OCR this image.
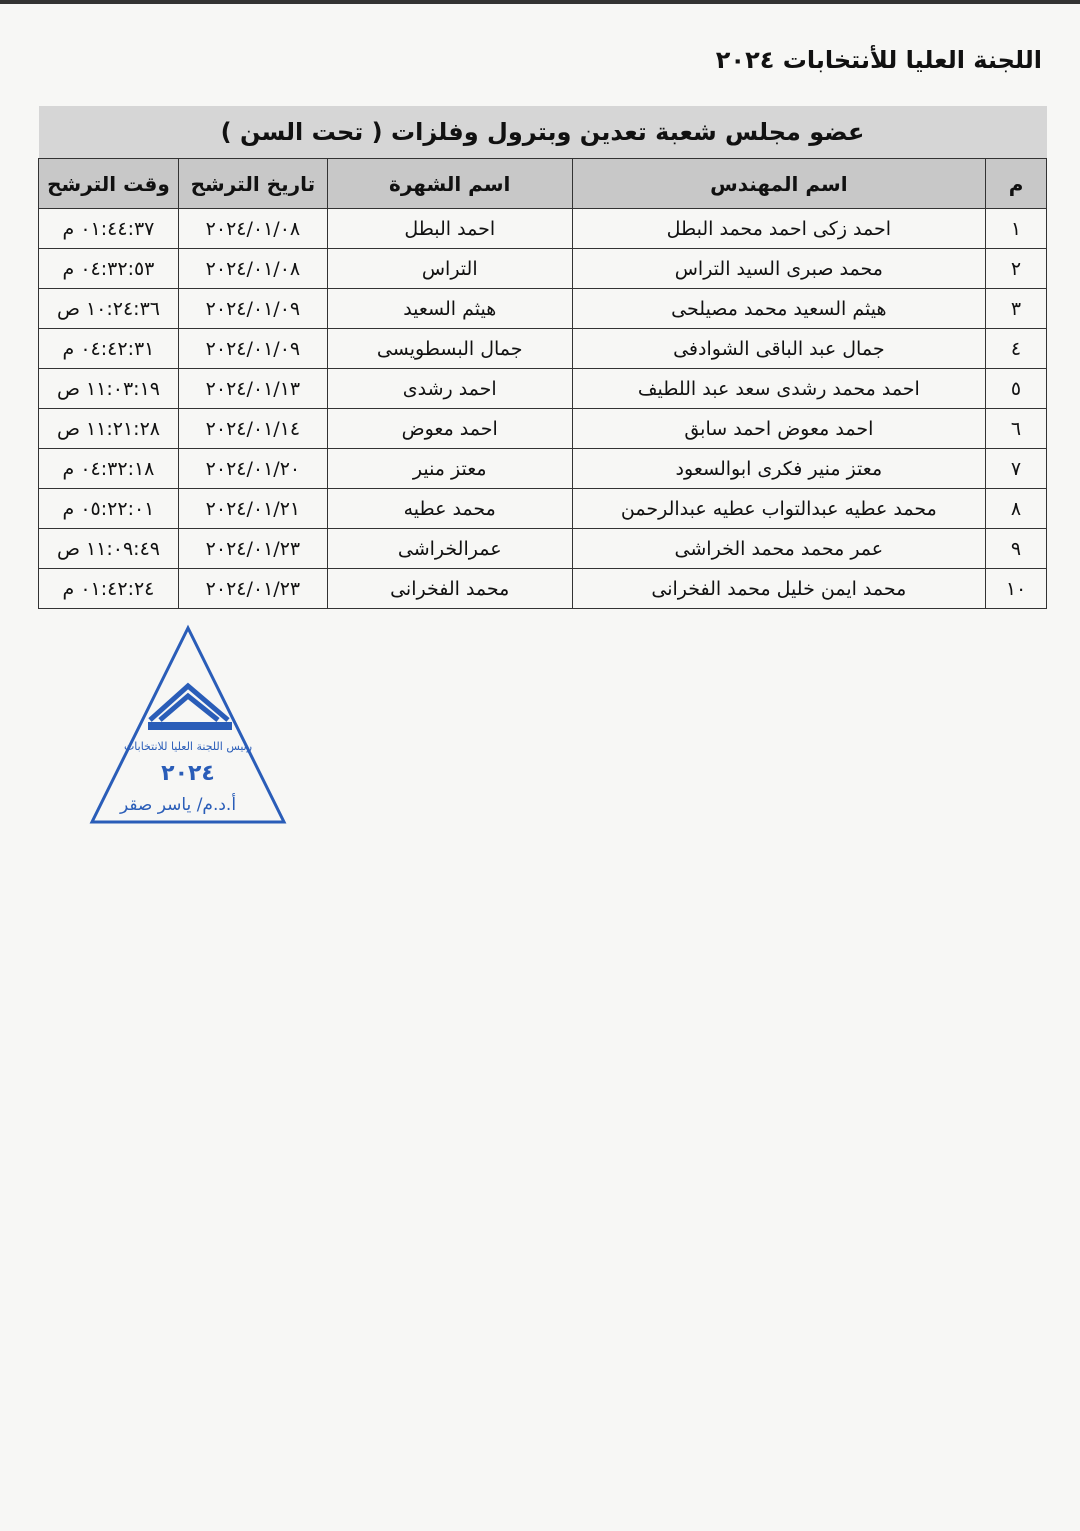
اللجنة العليا للأنتخابات ٢٠٢٤
عضو مجلس شعبة تعدين وبترول وفلزات ( تحت السن )				
م	اسم المهندس	اسم الشهرة	تاريخ الترشح	وقت الترشح
١	احمد زكى احمد محمد البطل	احمد البطل	٢٠٢٤/٠١/٠٨	٠١:٤٤:٣٧ م
٢	محمد صبرى السيد التراس	التراس	٢٠٢٤/٠١/٠٨	٠٤:٣٢:٥٣ م
٣	هيثم السعيد محمد مصيلحى	هيثم السعيد	٢٠٢٤/٠١/٠٩	١٠:٢٤:٣٦ ص
٤	جمال عبد الباقى الشوادفى	جمال البسطويسى	٢٠٢٤/٠١/٠٩	٠٤:٤٢:٣١ م
٥	احمد محمد رشدى سعد عبد اللطيف	احمد رشدى	٢٠٢٤/٠١/١٣	١١:٠٣:١٩ ص
٦	احمد معوض احمد سابق	احمد معوض	٢٠٢٤/٠١/١٤	١١:٢١:٢٨ ص
٧	معتز منير فكرى ابوالسعود	معتز منير	٢٠٢٤/٠١/٢٠	٠٤:٣٢:١٨ م
٨	محمد عطيه عبدالتواب عطيه عبدالرحمن	محمد عطيه	٢٠٢٤/٠١/٢١	٠٥:٢٢:٠١ م
٩	عمر محمد محمد الخراشى	عمرالخراشى	٢٠٢٤/٠١/٢٣	١١:٠٩:٤٩ ص
١٠	محمد ايمن خليل محمد الفخرانى	محمد الفخرانى	٢٠٢٤/٠١/٢٣	٠١:٤٢:٢٤ م
رئيس اللجنة العليا للانتخابات
٢٠٢٤
أ.د.م/ ياسر صقر
